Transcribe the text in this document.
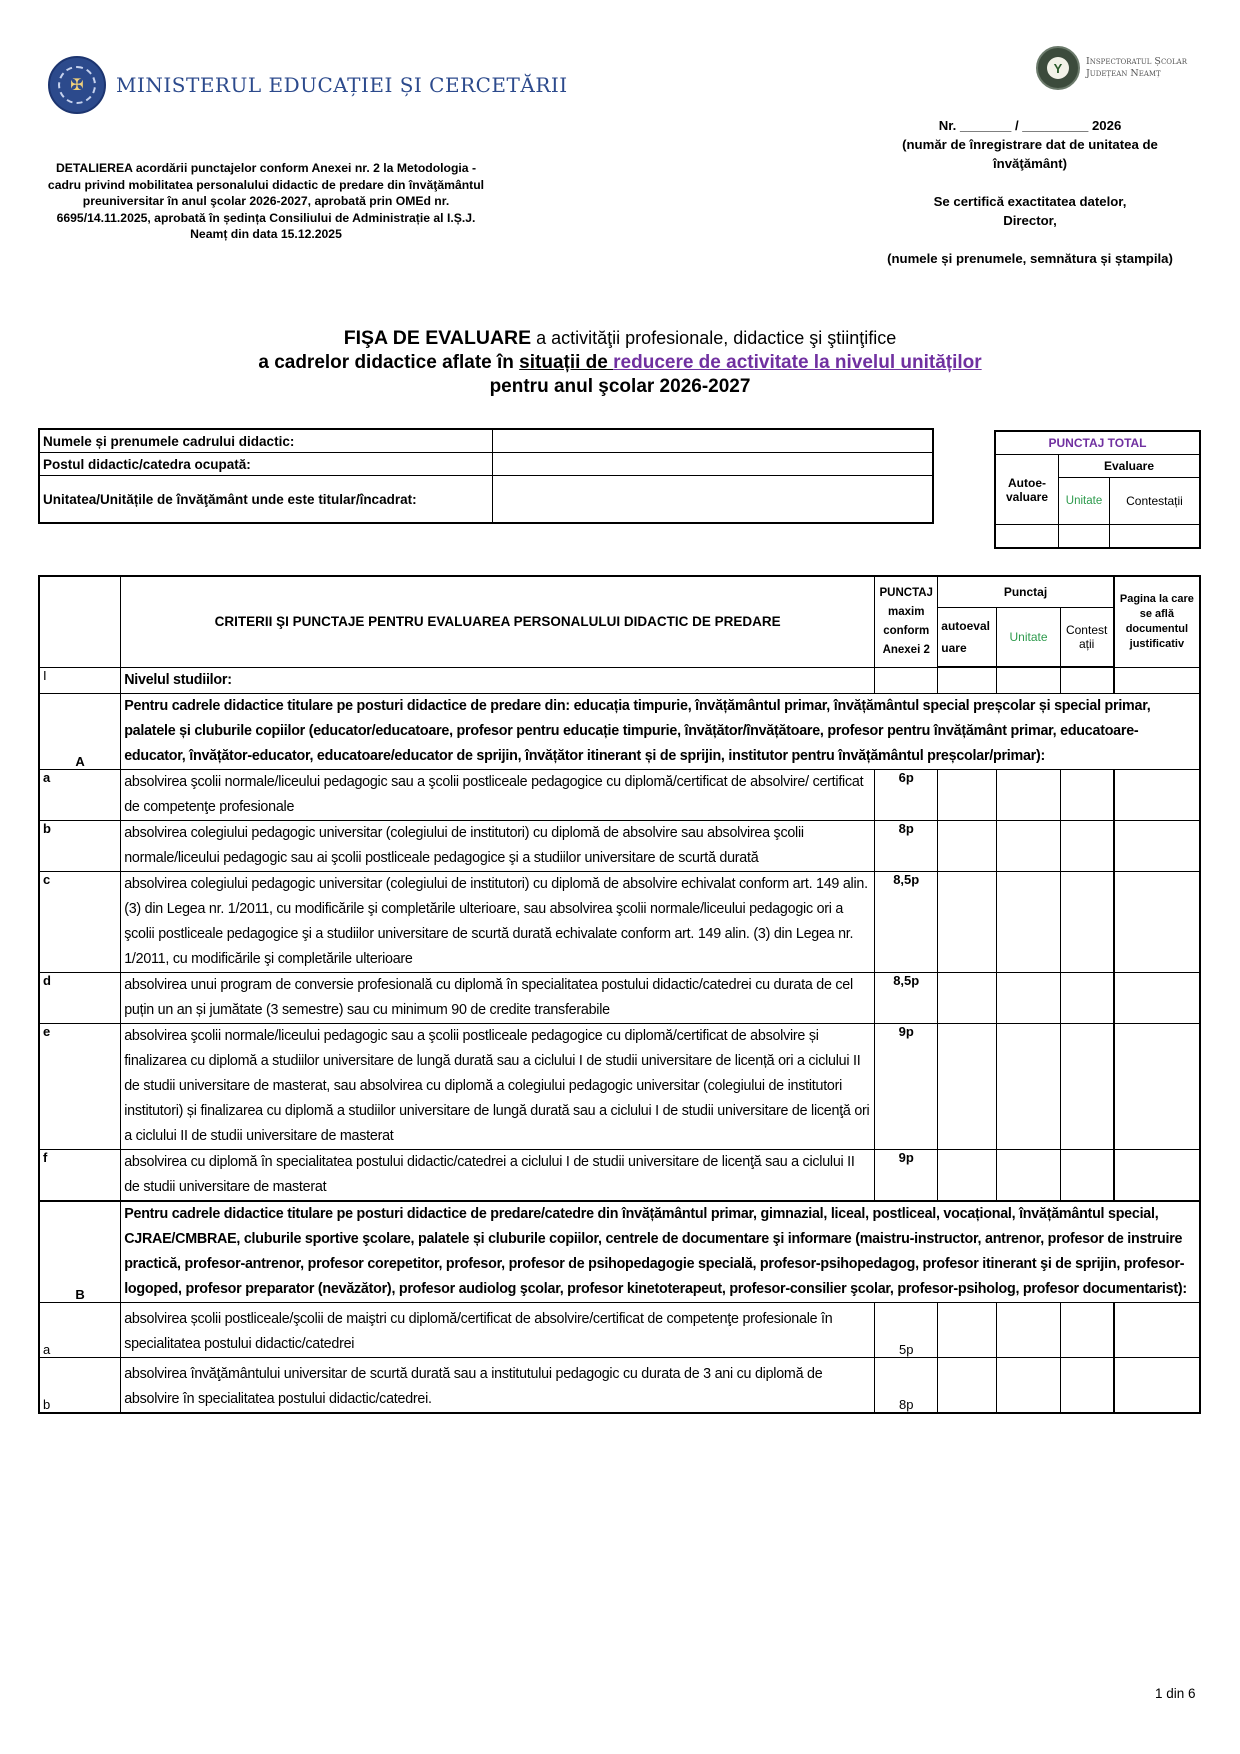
✠	MINISTERUL EDUCAȚIEI ȘI CERCETĂRII
Y	Inspectoratul Școlar
Județean Neamț
DETALIEREA acordării punctajelor conform Anexei nr. 2 la Metodologia - cadru privind mobilitatea personalului didactic de predare din învăţământul preuniversitar în anul şcolar 2026-2027, aprobată prin OMEd nr. 6695/14.11.2025, aprobată în ședința Consiliului de Administrație al I.Ș.J. Neamț din data 15.12.2025

Nr. _______ / _________ 2026

(număr de înregistrare dat de unitatea de învăţământ)

Se certifică exactitatea datelor,

Director,

(numele și prenumele, semnătura și ștampila)

FIŞA DE EVALUARE a activităţii profesionale, didactice şi ştiinţifice
a cadrelor didactice aflate în situații de reducere de activitate la nivelul unităților
pentru anul şcolar 2026-2027
Numele și prenumele cadrului didactic:	
Postul didactic/catedra ocupată:	
Unitatea/Unitățile de învăţământ unde este titular/încadrat:	
PUNCTAJ TOTAL		
Autoe-valuare	Evaluare	
	Unitate	Contestații

	CRITERII ŞI PUNCTAJE PENTRU EVALUAREA PERSONALULUI DIDACTIC DE PREDARE	PUNCTAJ maxim conform Anexei 2	Punctaj			Pagina la care se află documentul justificativ
			autoeval uare	Unitate	Contest ații	
I	Nivelul studiilor:					
A	Pentru cadrele didactice titulare pe posturi didactice de predare din: educația timpurie, învățământul primar, învățământul special preșcolar și special primar, palatele și cluburile copiilor (educator/educatoare, profesor pentru educație timpurie, învățător/învățătoare, profesor pentru învățământ primar, educatoare-educator, învățător-educator, educatoare/educator de sprijin, învățător itinerant și de sprijin, institutor pentru învățământul preșcolar/primar):					
a	absolvirea şcolii normale/liceului pedagogic sau a şcolii postliceale pedagogice cu diplomă/certificat de absolvire/ certificat de competenţe profesionale	6p				
b	absolvirea colegiului pedagogic universitar (colegiului de institutori) cu diplomă de absolvire sau absolvirea şcolii normale/liceului pedagogic sau ai şcolii postliceale pedagogice şi a studiilor universitare de scurtă durată	8p				
c	absolvirea colegiului pedagogic universitar (colegiului de institutori) cu diplomă de absolvire echivalat conform art. 149 alin. (3) din Legea nr. 1/2011, cu modificările şi completările ulterioare, sau absolvirea şcolii normale/liceului pedagogic ori a şcolii postliceale pedagogice şi a studiilor universitare de scurtă durată echivalate conform art. 149 alin. (3) din Legea nr. 1/2011, cu modificările şi completările ulterioare	8,5p				
d	absolvirea unui program de conversie profesională cu diplomă în specialitatea postului didactic/catedrei cu durata de cel puțin un an și jumătate (3 semestre) sau cu minimum 90 de credite transferabile	8,5p				
e	absolvirea şcolii normale/liceului pedagogic sau a şcolii postliceale pedagogice cu diplomă/certificat de absolvire și finalizarea cu diplomă a studiilor universitare de lungă durată sau a ciclului I de studii universitare de licență ori a ciclului II de studii universitare de masterat, sau absolvirea cu diplomă a colegiului pedagogic universitar (colegiului de institutori institutori) și finalizarea cu diplomă a studiilor universitare de lungă durată sau a ciclului I de studii universitare de licenţă ori a ciclului II de studii universitare de masterat	9p				
f	absolvirea cu diplomă în specialitatea postului didactic/catedrei a ciclului I de studii universitare de licenţă sau a ciclului II de studii universitare de masterat	9p				
B	Pentru cadrele didactice titulare pe posturi didactice de predare/catedre din învățământul primar, gimnazial, liceal, postliceal, vocațional, învățământul special, CJRAE/CMBRAE, cluburile sportive şcolare, palatele și cluburile copiilor, centrele de documentare şi informare (maistru-instructor, antrenor, profesor de instruire practică, profesor-antrenor, profesor corepetitor, profesor, profesor de psihopedagogie specială, profesor-psihopedagog, profesor itinerant şi de sprijin, profesor-logoped, profesor preparator (nevăzător), profesor audiolog şcolar, profesor kinetoterapeut, profesor-consilier şcolar, profesor-psiholog, profesor documentarist):					
a	absolvirea școlii postliceale/şcolii de maiştri cu diplomă/certificat de absolvire/certificat de competenţe profesionale în specialitatea postului didactic/catedrei	5p				
b	absolvirea învăţământului universitar de scurtă durată sau a institutului pedagogic cu durata de 3 ani cu diplomă de absolvire în specialitatea postului didactic/catedrei.	8p				
1 din 6
